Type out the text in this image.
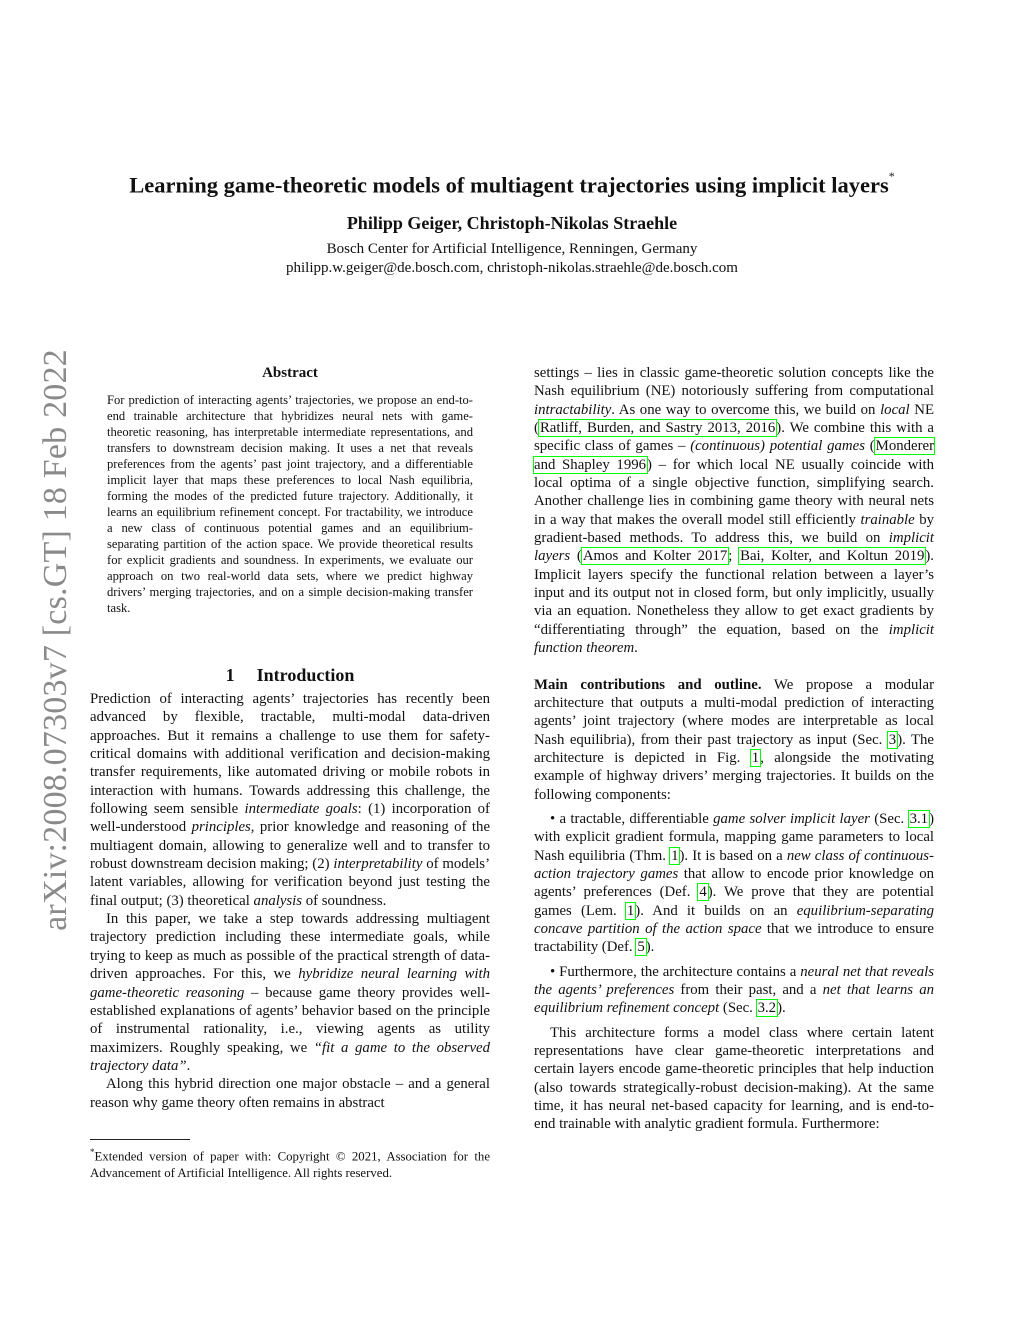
arXiv:2008.07303v7 [cs.GT] 18 Feb 2022
Learning game-theoretic models of multiagent trajectories using implicit layers*
Philipp Geiger, Christoph-Nikolas Straehle
Bosch Center for Artificial Intelligence, Renningen, Germany
philipp.w.geiger@de.bosch.com, christoph-nikolas.straehle@de.bosch.com
Abstract

For prediction of interacting agents’ trajectories, we propose an end-to-end trainable architecture that hybridizes neural nets with game-theoretic reasoning, has interpretable intermediate representations, and transfers to downstream decision making. It uses a net that reveals preferences from the agents’ past joint trajectory, and a differentiable implicit layer that maps these preferences to local Nash equilibria, forming the modes of the predicted future trajectory. Additionally, it learns an equilibrium refinement concept. For tractability, we introduce a new class of continuous potential games and an equilibrium-separating partition of the action space. We provide theoretical results for explicit gradients and soundness. In experiments, we evaluate our approach on two real-world data sets, where we predict highway drivers’ merging trajectories, and on a simple decision-making transfer task.

1 Introduction

Prediction of interacting agents’ trajectories has recently been advanced by flexible, tractable, multi-modal data-driven approaches. But it remains a challenge to use them for safety-critical domains with additional verification and decision-making transfer requirements, like automated driving or mobile robots in interaction with humans. Towards addressing this challenge, the following seem sensible intermediate goals: (1) incorporation of well-understood principles, prior knowledge and reasoning of the multiagent domain, allowing to generalize well and to transfer to robust downstream decision making; (2) interpretability of models’ latent variables, allowing for verification beyond just testing the final output; (3) theoretical analysis of soundness.

In this paper, we take a step towards addressing multiagent trajectory prediction including these intermediate goals, while trying to keep as much as possible of the practical strength of data-driven approaches. For this, we hybridize neural learning with game-theoretic reasoning – because game theory provides well-established explanations of agents’ behavior based on the principle of instrumental rationality, i.e., viewing agents as utility maximizers. Roughly speaking, we “fit a game to the observed trajectory data”.

Along this hybrid direction one major obstacle – and a general reason why game theory often remains in abstract

*Extended version of paper with: Copyright © 2021, Association for the Advancement of Artificial Intelligence. All rights reserved.

settings – lies in classic game-theoretic solution concepts like the Nash equilibrium (NE) notoriously suffering from computational intractability. As one way to overcome this, we build on local NE (Ratliff, Burden, and Sastry 2013, 2016). We combine this with a specific class of games – (continuous) potential games (Monderer and Shapley 1996) – for which local NE usually coincide with local optima of a single objective function, simplifying search. Another challenge lies in combining game theory with neural nets in a way that makes the overall model still efficiently trainable by gradient-based methods. To address this, we build on implicit layers (Amos and Kolter 2017; Bai, Kolter, and Koltun 2019). Implicit layers specify the functional relation between a layer’s input and its output not in closed form, but only implicitly, usually via an equation. Nonetheless they allow to get exact gradients by “differentiating through” the equation, based on the implicit function theorem.

Main contributions and outline. We propose a modular architecture that outputs a multi-modal prediction of interacting agents’ joint trajectory (where modes are interpretable as local Nash equilibria), from their past trajectory as input (Sec. 3). The architecture is depicted in Fig. 1, alongside the motivating example of highway drivers’ merging trajectories. It builds on the following components:

• a tractable, differentiable game solver implicit layer (Sec. 3.1) with explicit gradient formula, mapping game parameters to local Nash equilibria (Thm. 1). It is based on a new class of continuous-action trajectory games that allow to encode prior knowledge on agents’ preferences (Def. 4). We prove that they are potential games (Lem. 1). And it builds on an equilibrium-separating concave partition of the action space that we introduce to ensure tractability (Def. 5).

• Furthermore, the architecture contains a neural net that reveals the agents’ preferences from their past, and a net that learns an equilibrium refinement concept (Sec. 3.2).

This architecture forms a model class where certain latent representations have clear game-theoretic interpretations and certain layers encode game-theoretic principles that help induction (also towards strategically-robust decision-making). At the same time, it has neural net-based capacity for learning, and is end-to-end trainable with analytic gradient formula. Furthermore:
